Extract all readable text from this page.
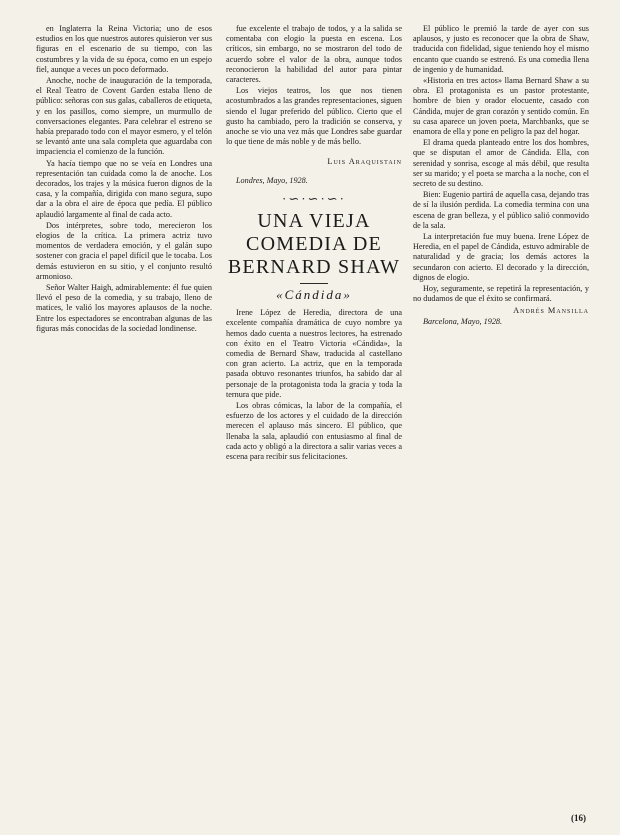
en Inglaterra la Reina Victoria; uno de esos estudios en los que nuestros autores quisieron ver sus figuras en el escenario de su tiempo, con las costumbres y la vida de su época, como en un espejo fiel, aunque a veces un poco deformado.

Anoche, noche de inauguración de la temporada, el Real Teatro de Covent Garden estaba lleno de público: señoras con sus galas, caballeros de etiqueta, y en los pasillos, como siempre, un murmullo de conversaciones elegantes. Para celebrar el estreno se había preparado todo con el mayor esmero, y el telón se levantó ante una sala completa que aguardaba con impaciencia el comienzo de la función.

Ya hacía tiempo que no se veía en Londres una representación tan cuidada como la de anoche. Los decorados, los trajes y la música fueron dignos de la casa, y la compañía, dirigida con mano segura, supo dar a la obra el aire de época que pedía. El público aplaudió largamente al final de cada acto.

Dos intérpretes, sobre todo, merecieron los elogios de la crítica. La primera actriz tuvo momentos de verdadera emoción, y el galán supo sostener con gracia el papel difícil que le tocaba. Los demás estuvieron en su sitio, y el conjunto resultó armonioso.

Señor Walter Haigh, admirablemente: él fue quien llevó el peso de la comedia, y su trabajo, lleno de matices, le valió los mayores aplausos de la noche. Entre los espectadores se encontraban algunas de las figuras más conocidas de la sociedad londinense.

fue excelente el trabajo de todos, y a la salida se comentaba con elogio la puesta en escena. Los críticos, sin embargo, no se mostraron del todo de acuerdo sobre el valor de la obra, aunque todos reconocieron la habilidad del autor para pintar caracteres.

Los viejos teatros, los que nos tienen acostumbrados a las grandes representaciones, siguen siendo el lugar preferido del público. Cierto que el gusto ha cambiado, pero la tradición se conserva, y anoche se vio una vez más que Londres sabe guardar lo que tiene de más noble y de más bello.

Luis Araquistain
Londres, Mayo, 1928.
·∽·∽·∽·
UNA VIEJA COMEDIA DE BERNARD SHAW
«Cándida»

Irene López de Heredia, directora de una excelente compañía dramática de cuyo nombre ya hemos dado cuenta a nuestros lectores, ha estrenado con éxito en el Teatro Victoria «Cándida», la comedia de Bernard Shaw, traducida al castellano con gran acierto. La actriz, que en la temporada pasada obtuvo resonantes triunfos, ha sabido dar al personaje de la protagonista toda la gracia y toda la ternura que pide.

Los obras cómicas, la labor de la compañía, el esfuerzo de los actores y el cuidado de la dirección merecen el aplauso más sincero. El público, que llenaba la sala, aplaudió con entusiasmo al final de cada acto y obligó a la directora a salir varias veces a escena para recibir sus felicitaciones.

El público le premió la tarde de ayer con sus aplausos, y justo es reconocer que la obra de Shaw, traducida con fidelidad, sigue teniendo hoy el mismo encanto que cuando se estrenó. Es una comedia llena de ingenio y de humanidad.

«Historia en tres actos» llama Bernard Shaw a su obra. El protagonista es un pastor protestante, hombre de bien y orador elocuente, casado con Cándida, mujer de gran corazón y sentido común. En su casa aparece un joven poeta, Marchbanks, que se enamora de ella y pone en peligro la paz del hogar.

El drama queda planteado entre los dos hombres, que se disputan el amor de Cándida. Ella, con serenidad y sonrisa, escoge al más débil, que resulta ser su marido; y el poeta se marcha a la noche, con el secreto de su destino.

Bien: Eugenio partirá de aquella casa, dejando tras de sí la ilusión perdida. La comedia termina con una escena de gran belleza, y el público salió conmovido de la sala.

La interpretación fue muy buena. Irene López de Heredia, en el papel de Cándida, estuvo admirable de naturalidad y de gracia; los demás actores la secundaron con acierto. El decorado y la dirección, dignos de elogio.

Hoy, seguramente, se repetirá la representación, y no dudamos de que el éxito se confirmará.

Andrés Mansilla
Barcelona, Mayo, 1928.
(16)
